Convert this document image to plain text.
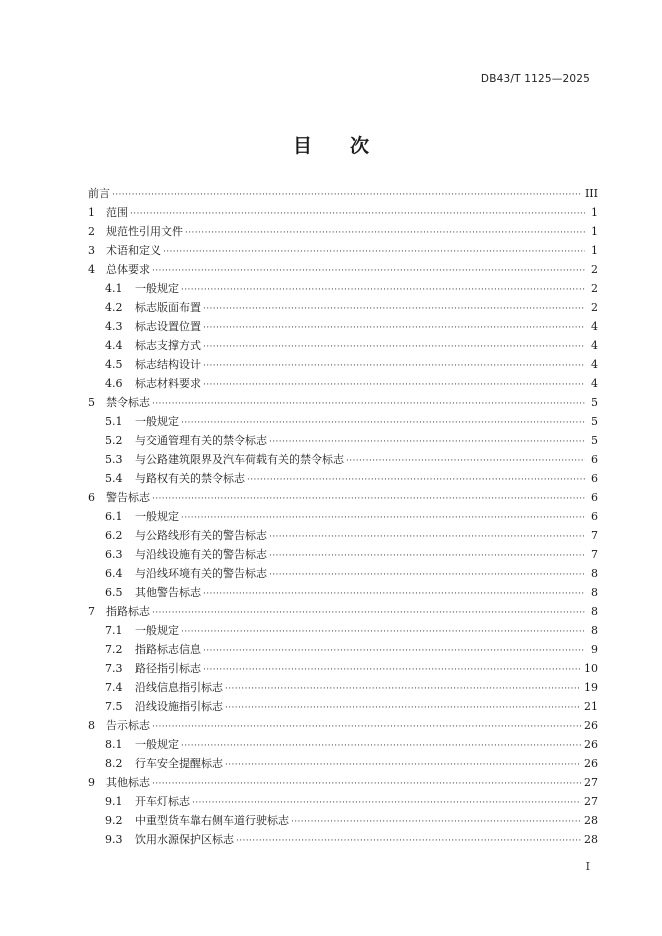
DB43/T 1125—2025
目 次
前言 ·····	III
1	范围 ·····	1
2	规范性引用文件 ·····	1
3	术语和定义 ·····	1
4	总体要求 ·····	2
4.1	一般规定 ·····	2
4.2	标志版面布置 ·····	2
4.3	标志设置位置 ·····	4
4.4	标志支撑方式 ·····	4
4.5	标志结构设计 ·····	4
4.6	标志材料要求 ·····	4
5	禁令标志 ·····	5
5.1	一般规定 ·····	5
5.2	与交通管理有关的禁令标志 ·····	5
5.3	与公路建筑限界及汽车荷载有关的禁令标志 ·····	6
5.4	与路权有关的禁令标志 ·····	6
6	警告标志 ·····	6
6.1	一般规定 ·····	6
6.2	与公路线形有关的警告标志 ·····	7
6.3	与沿线设施有关的警告标志 ·····	7
6.4	与沿线环境有关的警告标志 ·····	8
6.5	其他警告标志 ·····	8
7	指路标志 ·····	8
7.1	一般规定 ·····	8
7.2	指路标志信息 ·····	9
7.3	路径指引标志 ·····	10
7.4	沿线信息指引标志 ·····	19
7.5	沿线设施指引标志 ·····	21
8	告示标志 ·····	26
8.1	一般规定 ·····	26
8.2	行车安全提醒标志 ·····	26
9	其他标志 ·····	27
9.1	开车灯标志 ·····	27
9.2	中重型货车靠右侧车道行驶标志 ·····	28
9.3	饮用水源保护区标志 ·····	28
I
